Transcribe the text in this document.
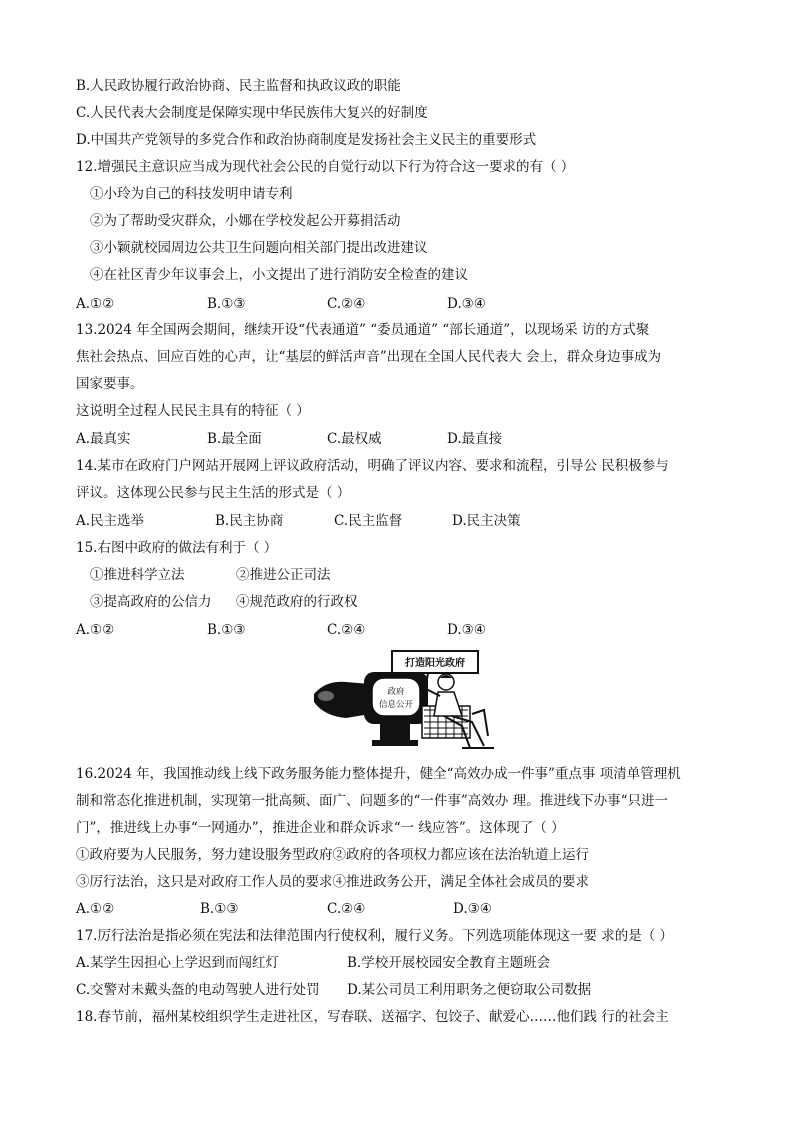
B.人民政协履行政治协商、民主监督和执政议政的职能
C.人民代表大会制度是保障实现中华民族伟大复兴的好制度
D.中国共产党领导的多党合作和政治协商制度是发扬社会主义民主的重要形式
12.增强民主意识应当成为现代社会公民的自觉行动以下行为符合这一要求的有（ ）
①小玲为自己的科技发明申请专利
②为了帮助受灾群众，小娜在学校发起公开募捐活动
③小颖就校园周边公共卫生问题向相关部门提出改进建议
④在社区青少年议事会上，小文提出了进行消防安全检查的建议
A.①②	B.①③	C.②④	D.③④
13.2024 年全国两会期间，继续开设“代表通道” “委员通道” “部长通道”，以现场采 访的方式聚
焦社会热点、回应百姓的心声，让“基层的鲜活声音”出现在全国人民代表大 会上，群众身边事成为
国家要事。
这说明全过程人民民主具有的特征（ ）
A.最真实	B.最全面	C.最权威	D.最直接
14.某市在政府门户网站开展网上评议政府活动，明确了评议内容、要求和流程，引导公 民积极参与
评议。这体现公民参与民主生活的形式是（ ）
A.民主选举	B.民主协商	C.民主监督	D.民主决策
15.右图中政府的做法有利于（ ）
①推进科学立法	②推进公正司法
③提高政府的公信力 ④规范政府的行政权
A.①②	B.①③	C.②④	D.③④
打造阳光政府
政府
信息公开
16.2024 年，我国推动线上线下政务服务能力整体提升，健全“高效办成一件事”重点事 项清单管理机
制和常态化推进机制，实现第一批高频、面广、问题多的“一件事”高效办 理。推进线下办事“只进一
门”，推进线上办事“一网通办”，推进企业和群众诉求“一 线应答”。这体现了（ ）
①政府要为人民服务，努力建设服务型政府②政府的各项权力都应该在法治轨道上运行
③厉行法治，这只是对政府工作人员的要求④推进政务公开，满足全体社会成员的要求
A.①②	B.①③	C.②④	D.③④
17.厉行法治是指必须在宪法和法律范围内行使权利，履行义务。下列选项能体现这一要 求的是（ ）
A.某学生因担心上学迟到而闯红灯	B.学校开展校园安全教育主题班会
C.交警对未戴头盔的电动驾驶人进行处罚 D.某公司员工利用职务之便窃取公司数据
18.春节前，福州某校组织学生走进社区，写春联、送福字、包饺子、献爱心……他们践 行的社会主
